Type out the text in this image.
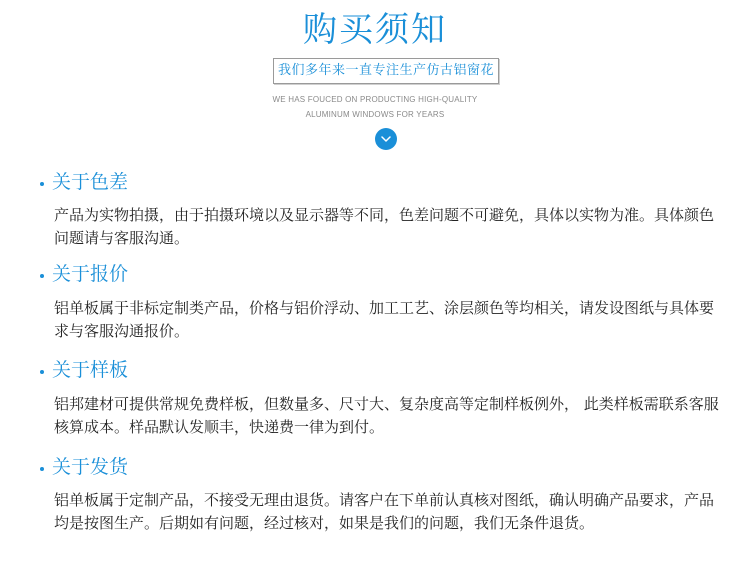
购买须知
我们多年来一直专注生产仿古铝窗花
WE HAS FOUCED ON PRODUCTING HIGH-QUALITY
ALUMINUM WINDOWS FOR YEARS
关于色差
产品为实物拍摄，由于拍摄环境以及显示器等不同，色差问题不可避免，具体以实物为准。具体颜色问题请与客服沟通。
关于报价
铝单板属于非标定制类产品，价格与铝价浮动、加工工艺、涂层颜色等均相关，请发设图纸与具体要求与客服沟通报价。
关于样板
铝邦建材可提供常规免费样板，但数量多、尺寸大、复杂度高等定制样板例外， 此类样板需联系客服核算成本。样品默认发顺丰，快递费一律为到付。
关于发货
铝单板属于定制产品，不接受无理由退货。请客户在下单前认真核对图纸，确认明确产品要求，产品均是按图生产。后期如有问题，经过核对，如果是我们的问题，我们无条件退货。
